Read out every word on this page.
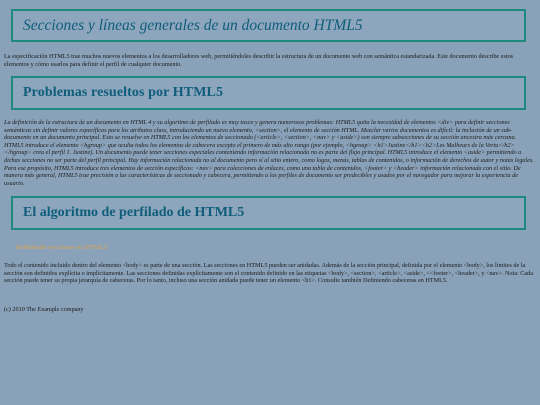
Secciones y líneas generales de un documento HTML5

La especificación HTML5 trae muchos nuevos elementos a los desarrolladores web, permitiéndoles describir la estructura de un documento web con semántica estandarizada. Este documento describe estos elementos y cómo usarlos para definir el perfil de cualquier documento.

Problemas resueltos por HTML5

La definición de la estructura de un documento en HTML 4 y su algoritmo de perfilado es muy tosco y genera numerosos problemas: HTML5 quita la necesidad de elementos <div> para definir secciones semánticas sin definir valores específicos para los atributos class, introduciendo un nuevo elemento, <section>, el elemento de sección HTML. Mezclar varios documentos es difícil: la inclusión de un sub-documento en un documento principal. Esto se resuelve en HTML5 con los elementos de seccionado (<article>, <section>, <nav> y <aside>) son siempre subsecciones de su sección ancestra más cercana. HTML5 introduce el elemento <hgroup> que oculta todos los elementos de cabecera excepto el primero de más alto rango (por ejemplo, <hgroup> <h1>Justine</h1><h2>Les Malheurs de la Vertu</h2></hgroup> crea el perfil 1. Justine). Un documento puede tener secciones especiales conteniendo información relacionada no es parte del flujo principal. HTML5 introduce el elemento <aside> permitiendo a dichas secciones no ser parte del perfil principal. Hay información relacionada no al documento pero sí al sitio entero, como logos, menús, tablas de contenidos, o información de derechos de autor y notas legales. Para ese propósito, HTML5 introduce tres elementos de sección específicos: <nav> para colecciones de enlaces, como una tabla de contenidos, <footer> y <header> información relacionada con el sitio. De manera más general, HTML5 trae precisión a las características de seccionado y cabecera, permitiendo a los perfiles de documento ser predecibles y usados por el navegador para mejorar la experiencia de usuario.

El algoritmo de perfilado de HTML5
Definiendo secciones en HTML5

Todo el contenido incluido dentro del elemento <body> es parte de una sección. Las secciones en HTML5 pueden ser anidadas. Además de la sección principal, definida por el elemento <body>, los límites de la sección son definidos explícita o implícitamente. Las secciones definidas explícitamente son el contenido definido en las etiquetas <body>, <section>, <article>, <aside>, <<footer>, <header>, y <nav>. Nota: Cada sección puede tener su propia jerarquía de cabeceras. Por lo tanto, incluso una sección anidada puede tener un elemento <h1>. Consulte también Definiendo cabeceras en HTML5.

(c) 2010 The Example company
